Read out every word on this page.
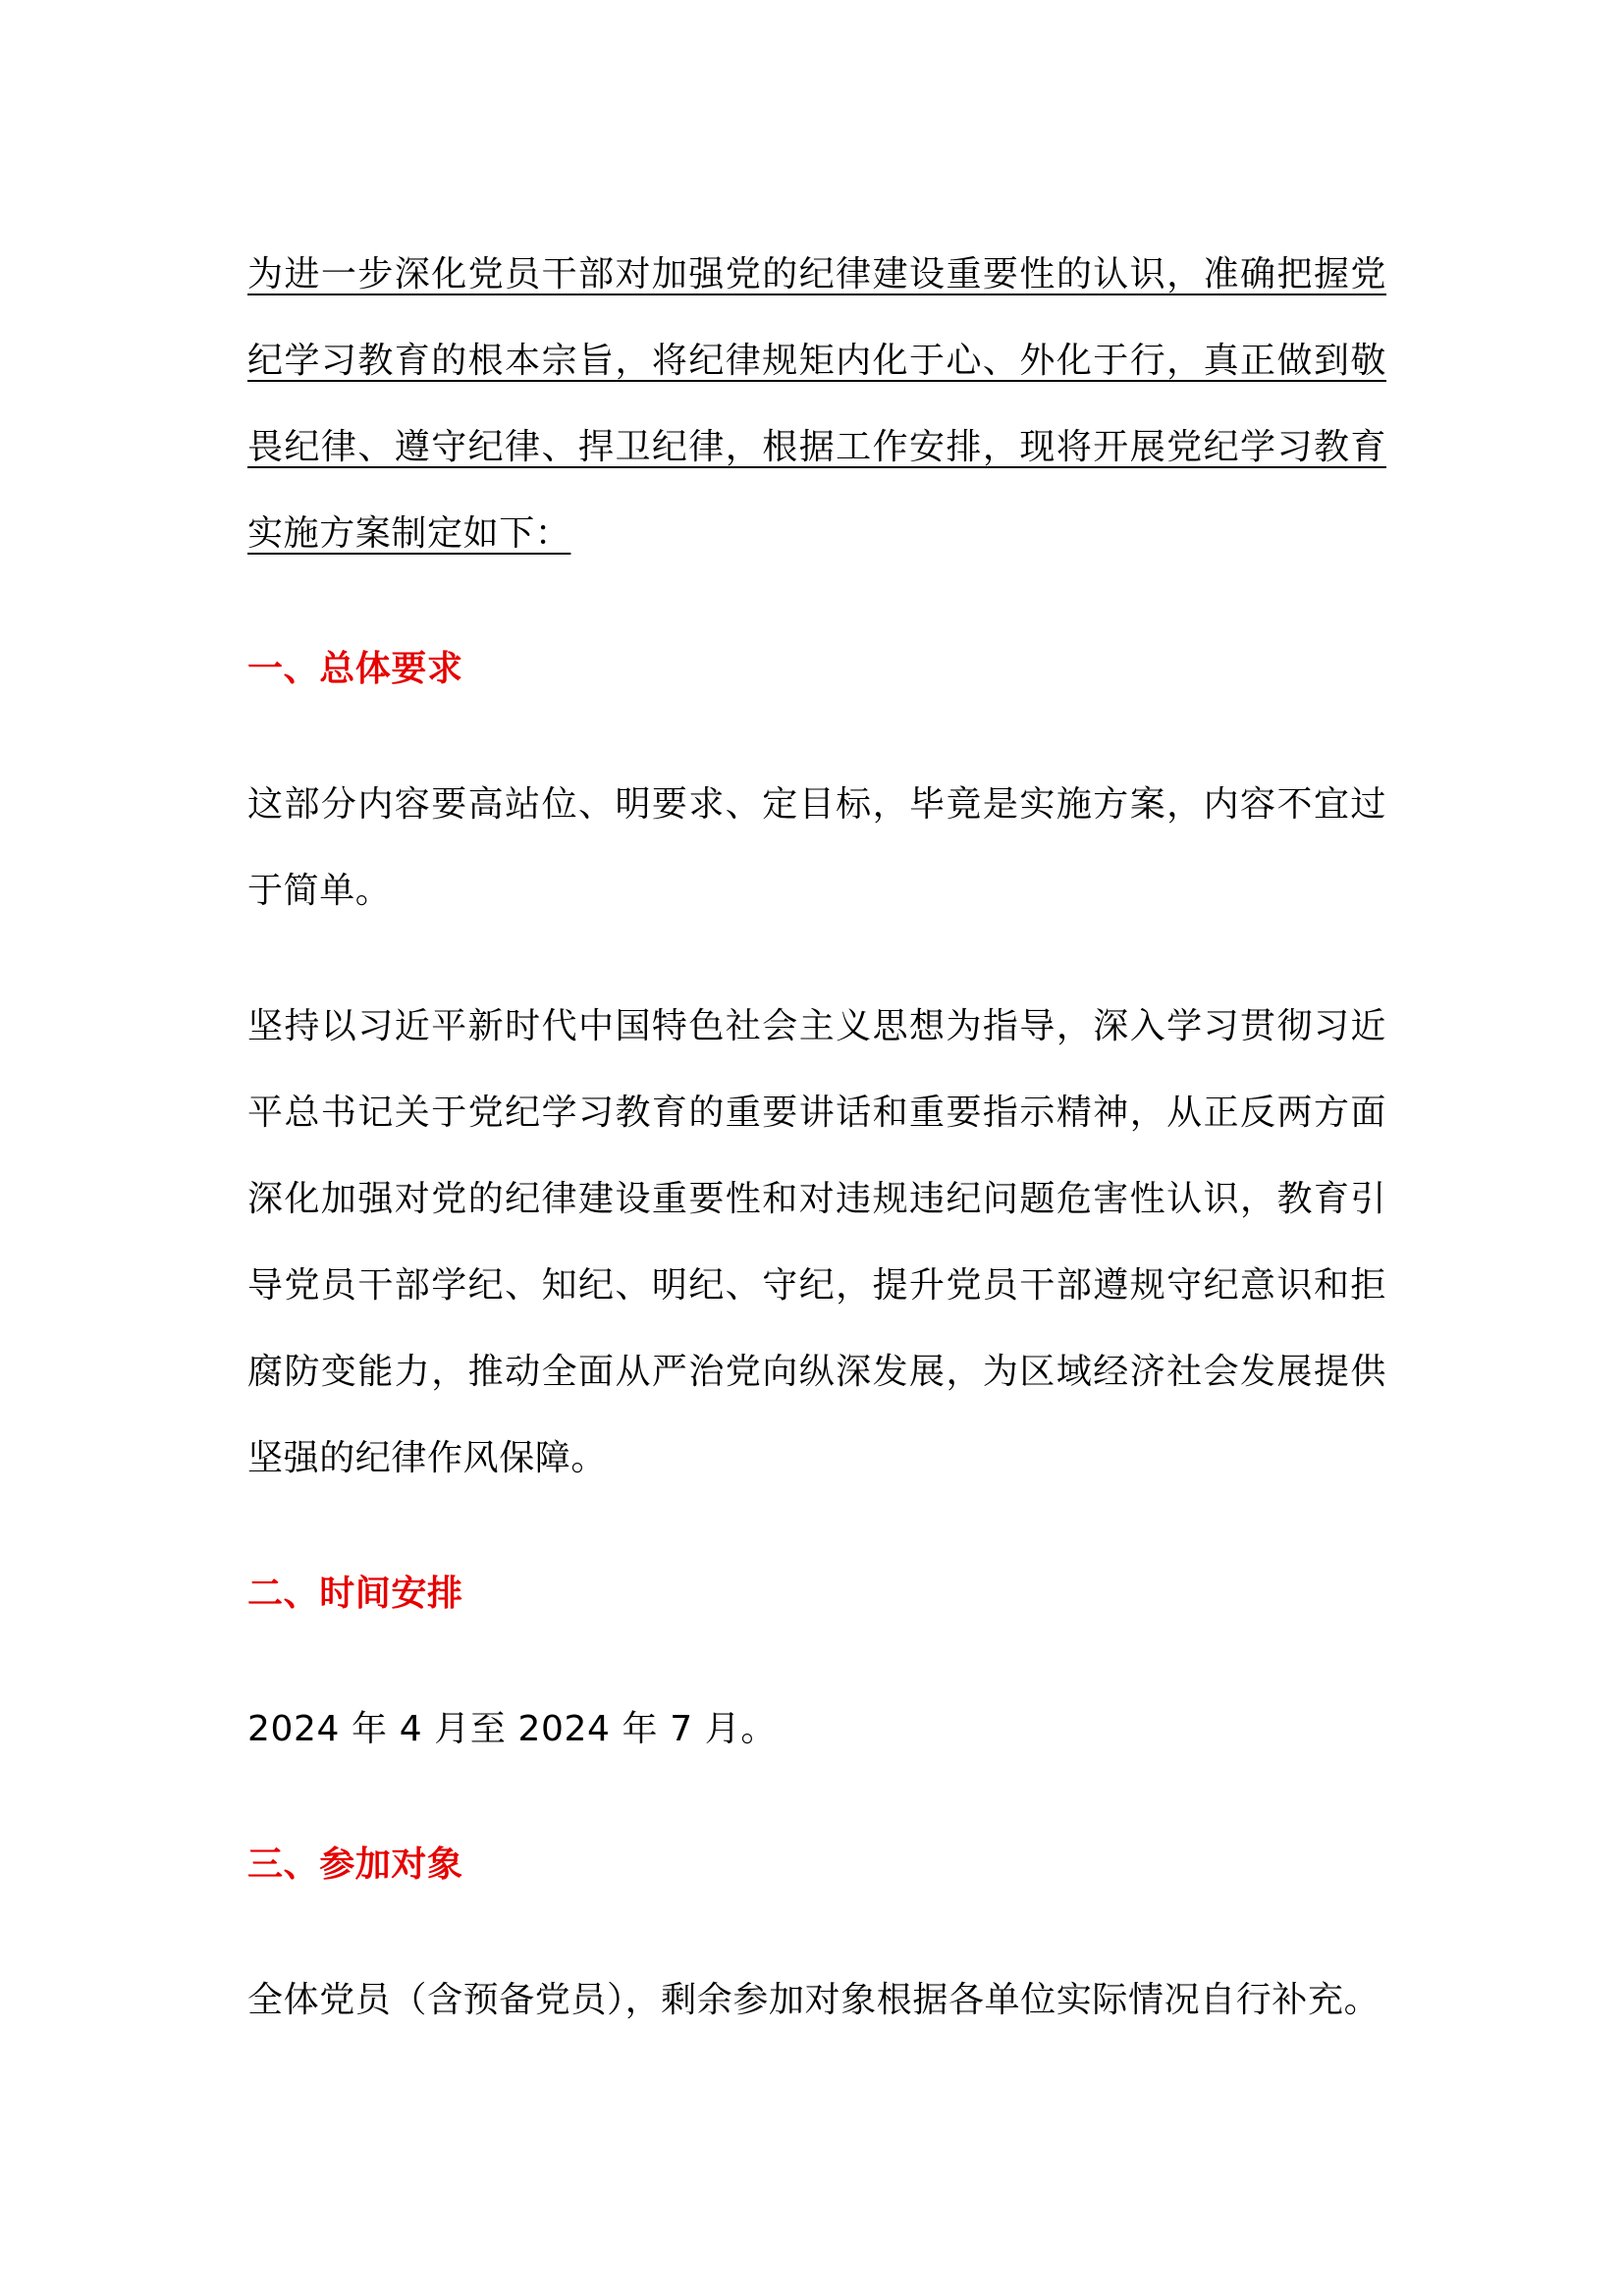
为进一步深化党员干部对加强党的纪律建设重要性的认识，准确把握党纪学习教育的根本宗旨，将纪律规矩内化于心、外化于行，真正做到敬畏纪律、遵守纪律、捍卫纪律，根据工作安排，现将开展党纪学习教育实施方案制定如下：

一、总体要求

这部分内容要高站位、明要求、定目标，毕竟是实施方案，内容不宜过于简单。

坚持以习近平新时代中国特色社会主义思想为指导，深入学习贯彻习近平总书记关于党纪学习教育的重要讲话和重要指示精神，从正反两方面深化加强对党的纪律建设重要性和对违规违纪问题危害性认识，教育引导党员干部学纪、知纪、明纪、守纪，提升党员干部遵规守纪意识和拒腐防变能力，推动全面从严治党向纵深发展，为区域经济社会发展提供坚强的纪律作风保障。

二、时间安排

2024 年 4 月至 2024 年 7 月。

三、参加对象

全体党员（含预备党员），剩余参加对象根据各单位实际情况自行补充。
